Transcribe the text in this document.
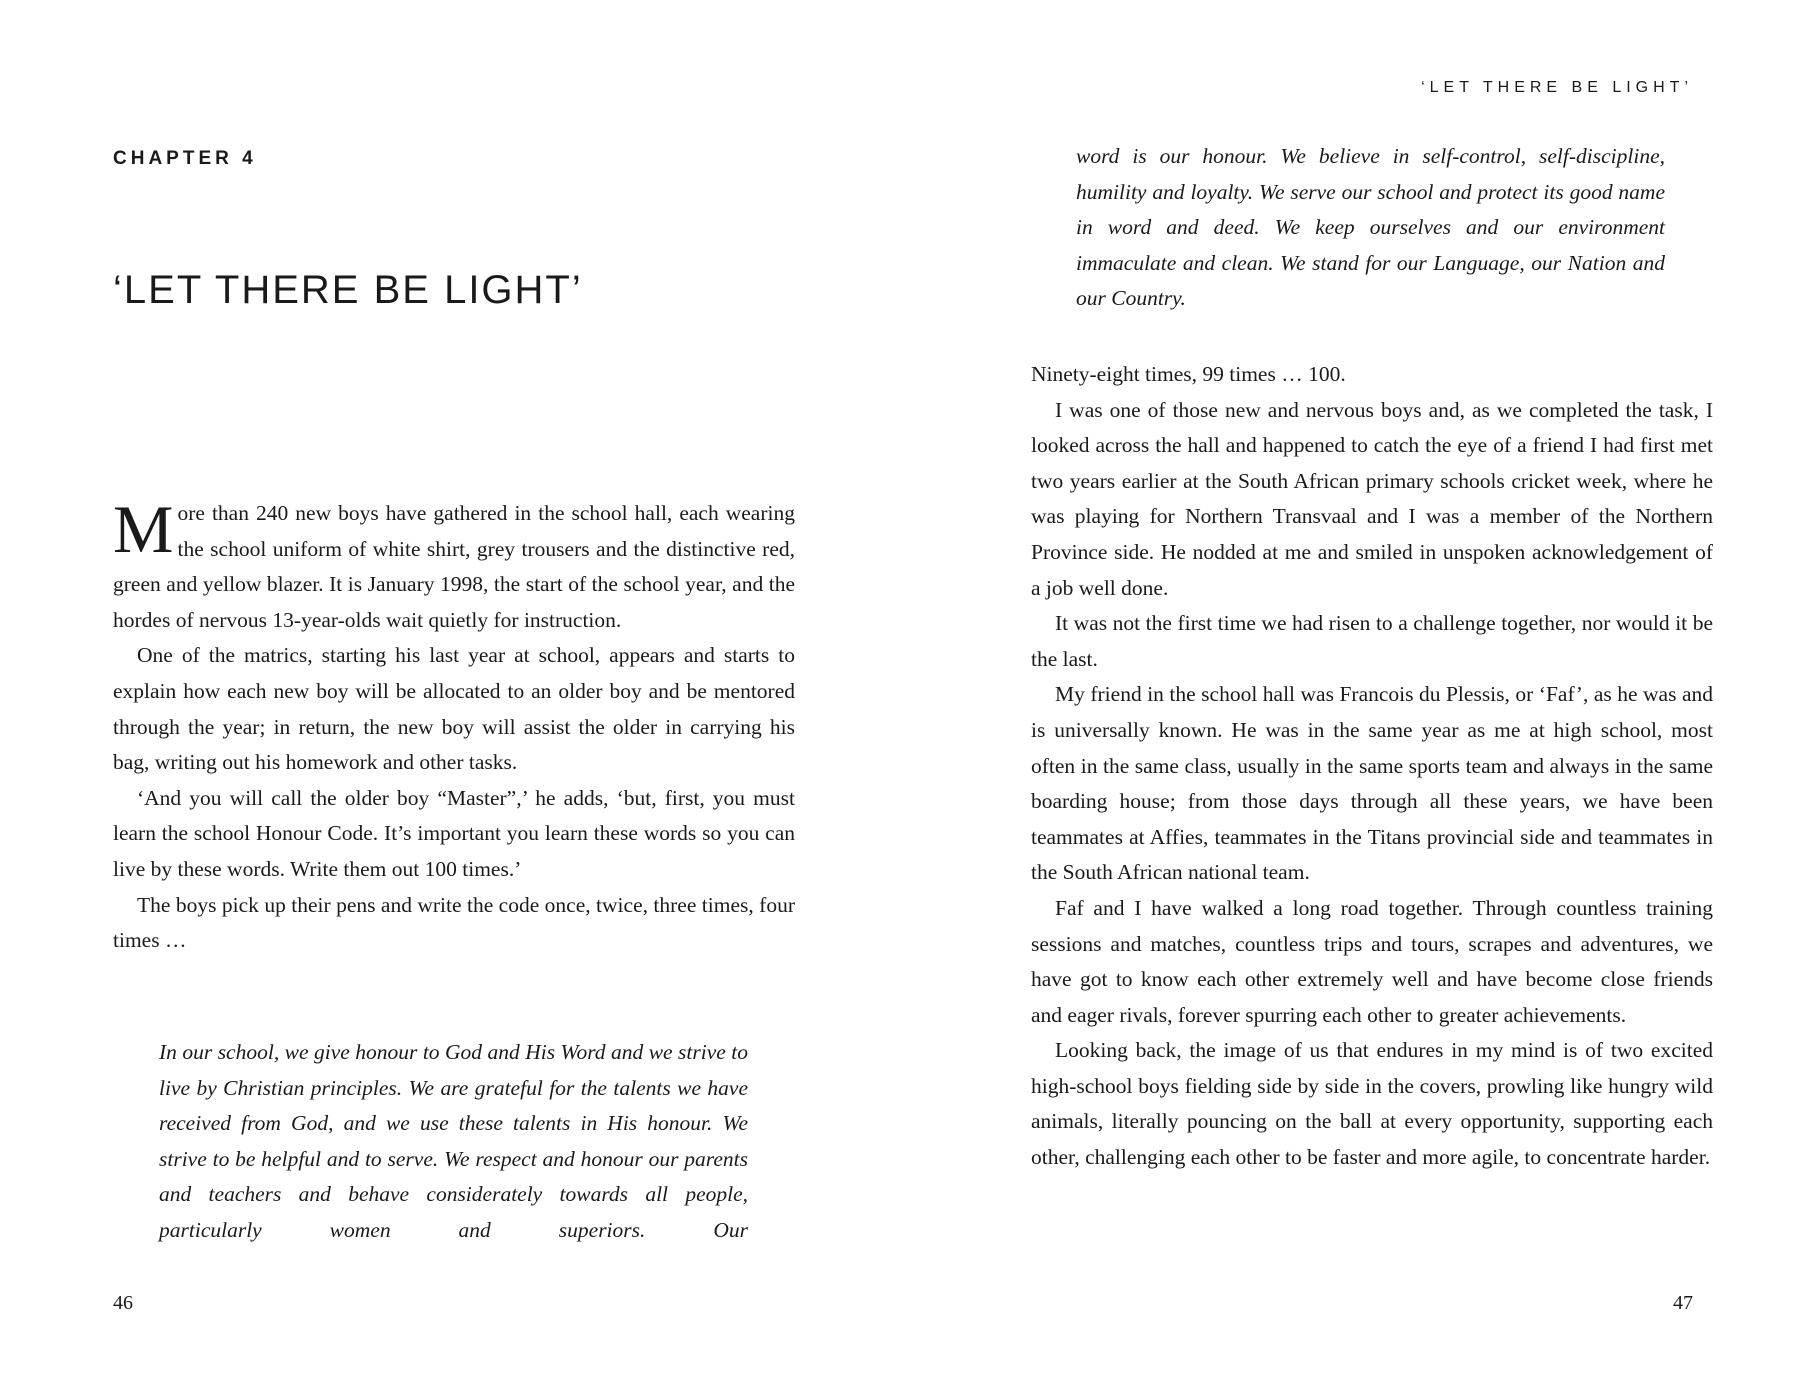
CHAPTER 4

‘LET THERE BE LIGHT’

More than 240 new boys have gathered in the school hall, each wearing the school uniform of white shirt, grey trousers and the distinctive red, green and yellow blazer. It is January 1998, the start of the school year, and the hordes of nervous 13-year-olds wait quietly for instruction.

One of the matrics, starting his last year at school, appears and starts to explain how each new boy will be allocated to an older boy and be mentored through the year; in return, the new boy will assist the older in carrying his bag, writing out his homework and other tasks.

‘And you will call the older boy “Master”,’ he adds, ‘but, first, you must learn the school Honour Code. It’s important you learn these words so you can live by these words. Write them out 100 times.’

The boys pick up their pens and write the code once, twice, three times, four times …

In our school, we give honour to God and His Word and we strive to live by Christian principles. We are grateful for the talents we have received from God, and we use these talents in His honour. We strive to be helpful and to serve. We respect and honour our parents and teachers and behave considerately towards all people, particularly women and superiors. Our

46

‘LET THERE BE LIGHT’

word is our honour. We believe in self-control, self-discipline, humility and loyalty. We serve our school and protect its good name in word and deed. We keep ourselves and our environment immaculate and clean. We stand for our Language, our Nation and our Country.

Ninety-eight times, 99 times … 100.

I was one of those new and nervous boys and, as we completed the task, I looked across the hall and happened to catch the eye of a friend I had first met two years earlier at the South African primary schools cricket week, where he was playing for Northern Transvaal and I was a member of the Northern Province side. He nodded at me and smiled in unspoken acknowledgement of a job well done.

It was not the first time we had risen to a challenge together, nor would it be the last.

My friend in the school hall was Francois du Plessis, or ‘Faf’, as he was and is universally known. He was in the same year as me at high school, most often in the same class, usually in the same sports team and always in the same boarding house; from those days through all these years, we have been teammates at Affies, teammates in the Titans provincial side and teammates in the South African national team.

Faf and I have walked a long road together. Through countless training sessions and matches, countless trips and tours, scrapes and adventures, we have got to know each other extremely well and have become close friends and eager rivals, forever spurring each other to greater achievements.

Looking back, the image of us that endures in my mind is of two excited high-school boys fielding side by side in the covers, prowling like hungry wild animals, literally pouncing on the ball at every opportunity, supporting each other, challenging each other to be faster and more agile, to concentrate harder.

47
